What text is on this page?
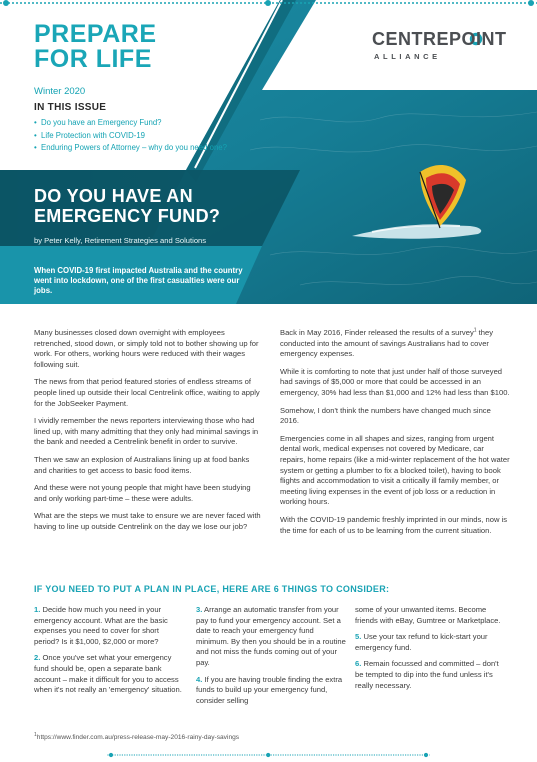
PREPARE
FOR LIFE
Winter 2020
IN THIS ISSUE
• Do you have an Emergency Fund?
• Life Protection with COVID-19
• Enduring Powers of Attorney – why do you need one?
CENTREPOINT
ALLIANCE
DO YOU HAVE AN
EMERGENCY FUND?
by Peter Kelly, Retirement Strategies and Solutions
When COVID-19 first impacted Australia and the country went into lockdown, one of the first casualties were our jobs.

Many businesses closed down overnight with employees retrenched, stood down, or simply told not to bother showing up for work. For others, working hours were reduced with their wages following suit.

The news from that period featured stories of endless streams of people lined up outside their local Centrelink office, waiting to apply for the JobSeeker Payment.

I vividly remember the news reporters interviewing those who had lined up, with many admitting that they only had minimal savings in the bank and needed a Centrelink benefit in order to survive.

Then we saw an explosion of Australians lining up at food banks and charities to get access to basic food items.

And these were not young people that might have been studying and only working part-time – these were adults.

What are the steps we must take to ensure we are never faced with having to line up outside Centrelink on the day we lose our job?

Back in May 2016, Finder released the results of a survey$^1$ they conducted into the amount of savings Australians had to cover emergency expenses.

While it is comforting to note that just under half of those surveyed had savings of $5,000 or more that could be accessed in an emergency, 30% had less than $1,000 and 12% had less than $100.

Somehow, I don't think the numbers have changed much since 2016.

Emergencies come in all shapes and sizes, ranging from urgent dental work, medical expenses not covered by Medicare, car repairs, home repairs (like a mid-winter replacement of the hot water system or getting a plumber to fix a blocked toilet), having to book flights and accommodation to visit a critically ill family member, or meeting living expenses in the event of job loss or a reduction in working hours.

With the COVID-19 pandemic freshly imprinted in our minds, now is the time for each of us to be learning from the current situation.

IF YOU NEED TO PUT A PLAN IN PLACE, HERE ARE 6 THINGS TO CONSIDER:

1. Decide how much you need in your emergency account. What are the basic expenses you need to cover for short period? Is it $1,000, $2,000 or more?

2. Once you've set what your emergency fund should be, open a separate bank account – make it difficult for you to access when it's not really an 'emergency' situation.

3. Arrange an automatic transfer from your pay to fund your emergency account. Set a date to reach your emergency fund minimum. By then you should be in a routine and not miss the funds coming out of your pay.

4. If you are having trouble finding the extra funds to build up your emergency fund, consider selling

some of your unwanted items. Become friends with eBay, Gumtree or Marketplace.

5. Use your tax refund to kick-start your emergency fund.

6. Remain focussed and committed – don't be tempted to dip into the fund unless it's really necessary.

$^1$https://www.finder.com.au/press-release-may-2016-rainy-day-savings
